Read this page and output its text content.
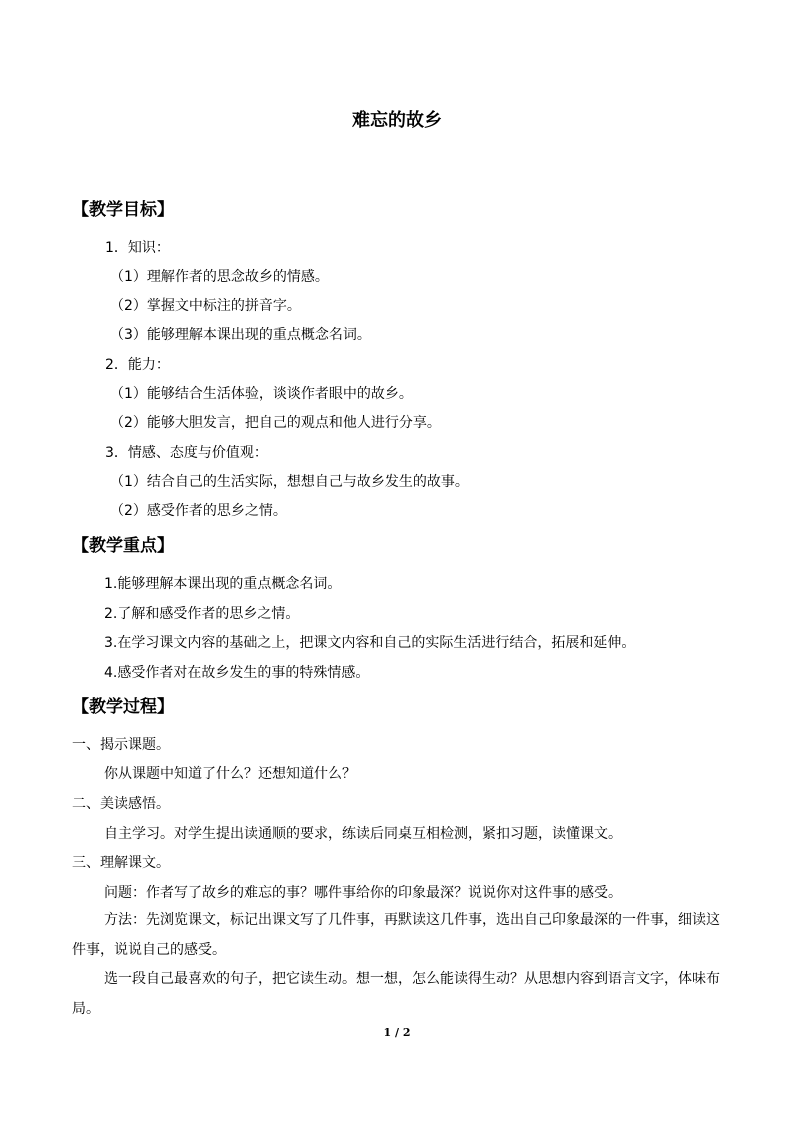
难忘的故乡
【教学目标】
1．知识：
（1）理解作者的思念故乡的情感。
（2）掌握文中标注的拼音字。
（3）能够理解本课出现的重点概念名词。
2．能力：
（1）能够结合生活体验，谈谈作者眼中的故乡。
（2）能够大胆发言，把自己的观点和他人进行分享。
3．情感、态度与价值观：
（1）结合自己的生活实际，想想自己与故乡发生的故事。
（2）感受作者的思乡之情。
【教学重点】
1.能够理解本课出现的重点概念名词。
2.了解和感受作者的思乡之情。
3.在学习课文内容的基础之上，把课文内容和自己的实际生活进行结合，拓展和延伸。
4.感受作者对在故乡发生的事的特殊情感。
【教学过程】
一、揭示课题。
你从课题中知道了什么？还想知道什么？
二、美读感悟。
自主学习。对学生提出读通顺的要求，练读后同桌互相检测，紧扣习题，读懂课文。
三、理解课文。
问题：作者写了故乡的难忘的事？哪件事给你的印象最深？说说你对这件事的感受。
方法：先浏览课文，标记出课文写了几件事，再默读这几件事，选出自己印象最深的一件事，细读这件事，说说自己的感受。
选一段自己最喜欢的句子，把它读生动。想一想，怎么能读得生动？从思想内容到语言文字，体味布局。
1 / 2
